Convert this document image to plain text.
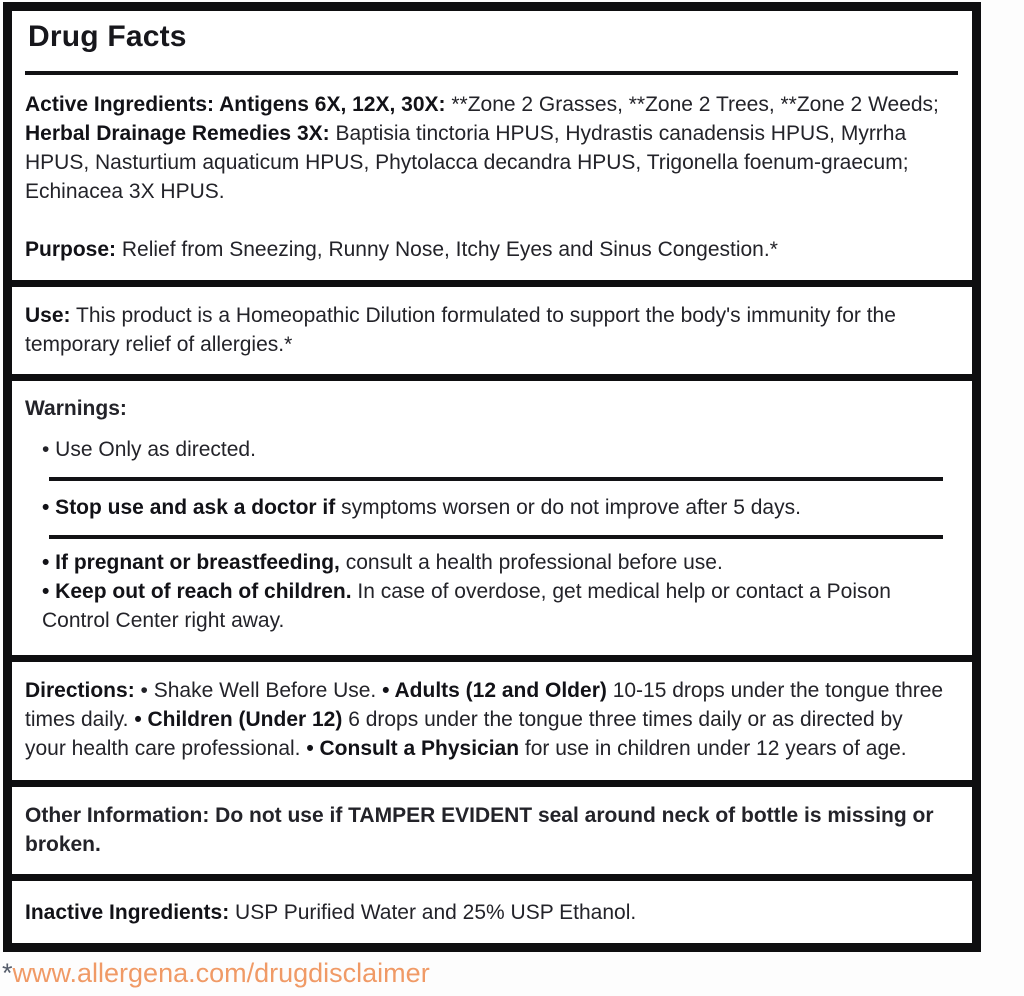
Drug Facts

Active Ingredients: Antigens 6X, 12X, 30X: **Zone 2 Grasses, **Zone 2 Trees, **Zone 2 Weeds;

Herbal Drainage Remedies 3X: Baptisia tinctoria HPUS, Hydrastis canadensis HPUS, Myrrha HPUS, Nasturtium aquaticum HPUS, Phytolacca decandra HPUS, Trigonella foenum-graecum; Echinacea 3X HPUS.

Purpose: Relief from Sneezing, Runny Nose, Itchy Eyes and Sinus Congestion.*

Use: This product is a Homeopathic Dilution formulated to support the body's immunity for the temporary relief of allergies.*

Warnings:

• Use Only as directed.

• Stop use and ask a doctor if symptoms worsen or do not improve after 5 days.

• If pregnant or breastfeeding, consult a health professional before use.

• Keep out of reach of children. In case of overdose, get medical help or contact a Poison Control Center right away.

Directions: • Shake Well Before Use. • Adults (12 and Older) 10-15 drops under the tongue three times daily. • Children (Under 12) 6 drops under the tongue three times daily or as directed by your health care professional. • Consult a Physician for use in children under 12 years of age.

Other Information: Do not use if TAMPER EVIDENT seal around neck of bottle is missing or broken.

Inactive Ingredients: USP Purified Water and 25% USP Ethanol.

*www.allergena.com/drugdisclaimer
